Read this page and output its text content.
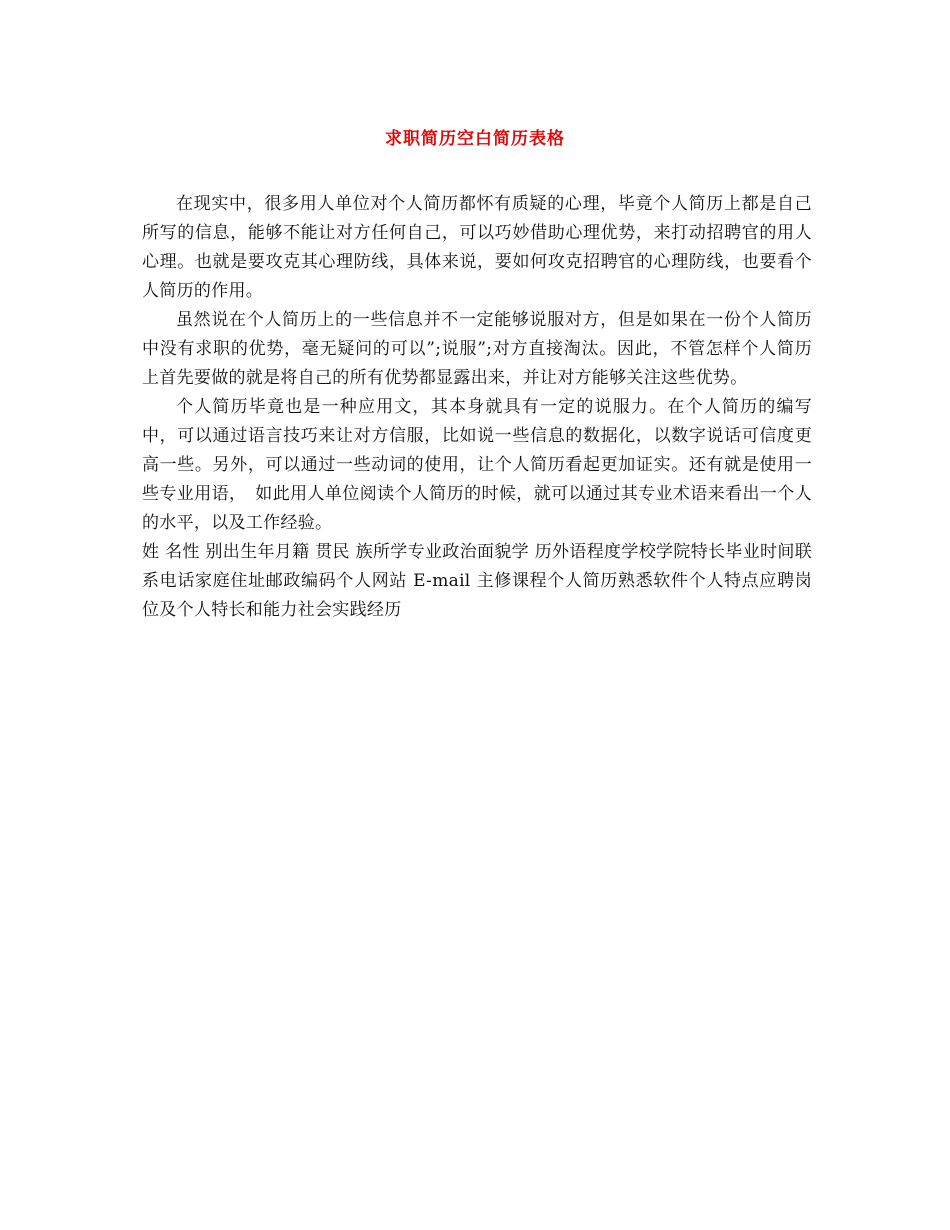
求职简历空白简历表格

在现实中，很多用人单位对个人简历都怀有质疑的心理，毕竟个人简历上都是自己所写的信息，能够不能让对方任何自己，可以巧妙借助心理优势，来打动招聘官的用人心理。也就是要攻克其心理防线，具体来说，要如何攻克招聘官的心理防线，也要看个人简历的作用。

虽然说在个人简历上的一些信息并不一定能够说服对方，但是如果在一份个人简历中没有求职的优势，毫无疑问的可以”;说服”;对方直接淘汰。因此，不管怎样个人简历上首先要做的就是将自己的所有优势都显露出来，并让对方能够关注这些优势。

个人简历毕竟也是一种应用文，其本身就具有一定的说服力。在个人简历的编写中，可以通过语言技巧来让对方信服，比如说一些信息的数据化，以数字说话可信度更高一些。另外，可以通过一些动词的使用，让个人简历看起更加证实。还有就是使用一些专业用语，　如此用人单位阅读个人简历的时候，就可以通过其专业术语来看出一个人的水平，以及工作经验。

姓 名性 别出生年月籍 贯民 族所学专业政治面貌学 历外语程度学校学院特长毕业时间联系电话家庭住址邮政编码个人网站 E-mail 主修课程个人简历熟悉软件个人特点应聘岗位及个人特长和能力社会实践经历
